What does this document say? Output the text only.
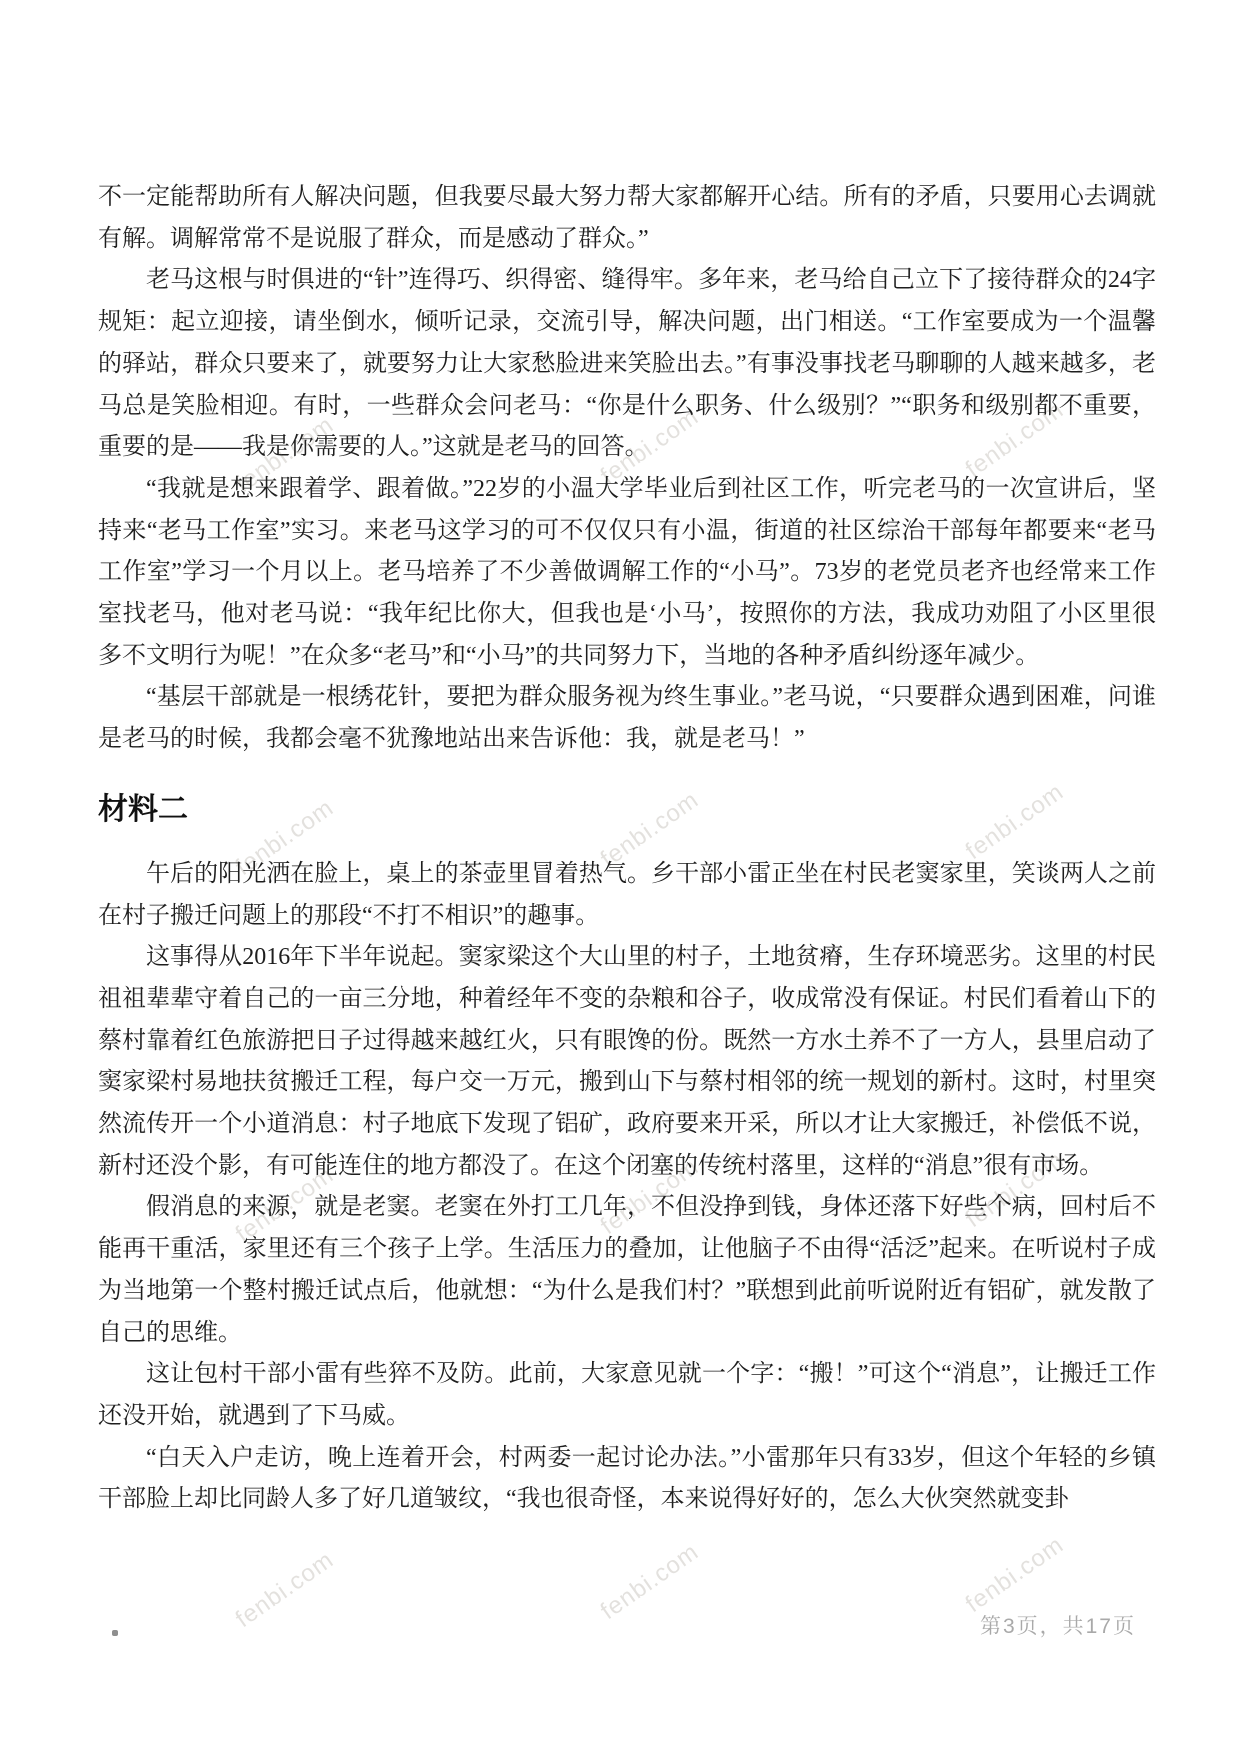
fenbi.com	fenbi.com	fenbi.com
fenbi.com	fenbi.com	fenbi.com
fenbi.com	fenbi.com	fenbi.com
fenbi.com	fenbi.com	fenbi.com

不一定能帮助所有人解决问题，但我要尽最大努力帮大家都解开心结。所有的矛盾，只要用心去调就有解。调解常常不是说服了群众，而是感动了群众。”

老马这根与时俱进的“针”连得巧、织得密、缝得牢。多年来，老马给自己立下了接待群众的24字规矩：起立迎接，请坐倒水，倾听记录，交流引导，解决问题，出门相送。“工作室要成为一个温馨的驿站，群众只要来了，就要努力让大家愁脸进来笑脸出去。”有事没事找老马聊聊的人越来越多，老马总是笑脸相迎。有时，一些群众会问老马：“你是什么职务、什么级别？”“职务和级别都不重要，重要的是——我是你需要的人。”这就是老马的回答。

“我就是想来跟着学、跟着做。”22岁的小温大学毕业后到社区工作，听完老马的一次宣讲后，坚持来“老马工作室”实习。来老马这学习的可不仅仅只有小温，街道的社区综治干部每年都要来“老马工作室”学习一个月以上。老马培养了不少善做调解工作的“小马”。73岁的老党员老齐也经常来工作室找老马，他对老马说：“我年纪比你大，但我也是‘小马’，按照你的方法，我成功劝阻了小区里很多不文明行为呢！”在众多“老马”和“小马”的共同努力下，当地的各种矛盾纠纷逐年减少。

“基层干部就是一根绣花针，要把为群众服务视为终生事业。”老马说，“只要群众遇到困难，问谁是老马的时候，我都会毫不犹豫地站出来告诉他：我，就是老马！”

材料二

午后的阳光洒在脸上，桌上的茶壶里冒着热气。乡干部小雷正坐在村民老窦家里，笑谈两人之前在村子搬迁问题上的那段“不打不相识”的趣事。

这事得从2016年下半年说起。窦家梁这个大山里的村子，土地贫瘠，生存环境恶劣。这里的村民祖祖辈辈守着自己的一亩三分地，种着经年不变的杂粮和谷子，收成常没有保证。村民们看着山下的蔡村靠着红色旅游把日子过得越来越红火，只有眼馋的份。既然一方水土养不了一方人，县里启动了窦家梁村易地扶贫搬迁工程，每户交一万元，搬到山下与蔡村相邻的统一规划的新村。这时，村里突然流传开一个小道消息：村子地底下发现了铝矿，政府要来开采，所以才让大家搬迁，补偿低不说，新村还没个影，有可能连住的地方都没了。在这个闭塞的传统村落里，这样的“消息”很有市场。

假消息的来源，就是老窦。老窦在外打工几年，不但没挣到钱，身体还落下好些个病，回村后不能再干重活，家里还有三个孩子上学。生活压力的叠加，让他脑子不由得“活泛”起来。在听说村子成为当地第一个整村搬迁试点后，他就想：“为什么是我们村？”联想到此前听说附近有铝矿，就发散了自己的思维。

这让包村干部小雷有些猝不及防。此前，大家意见就一个字：“搬！”可这个“消息”，让搬迁工作还没开始，就遇到了下马威。

“白天入户走访，晚上连着开会，村两委一起讨论办法。”小雷那年只有33岁，但这个年轻的乡镇干部脸上却比同龄人多了好几道皱纹，“我也很奇怪，本来说得好好的，怎么大伙突然就变卦

第3页，共17页
